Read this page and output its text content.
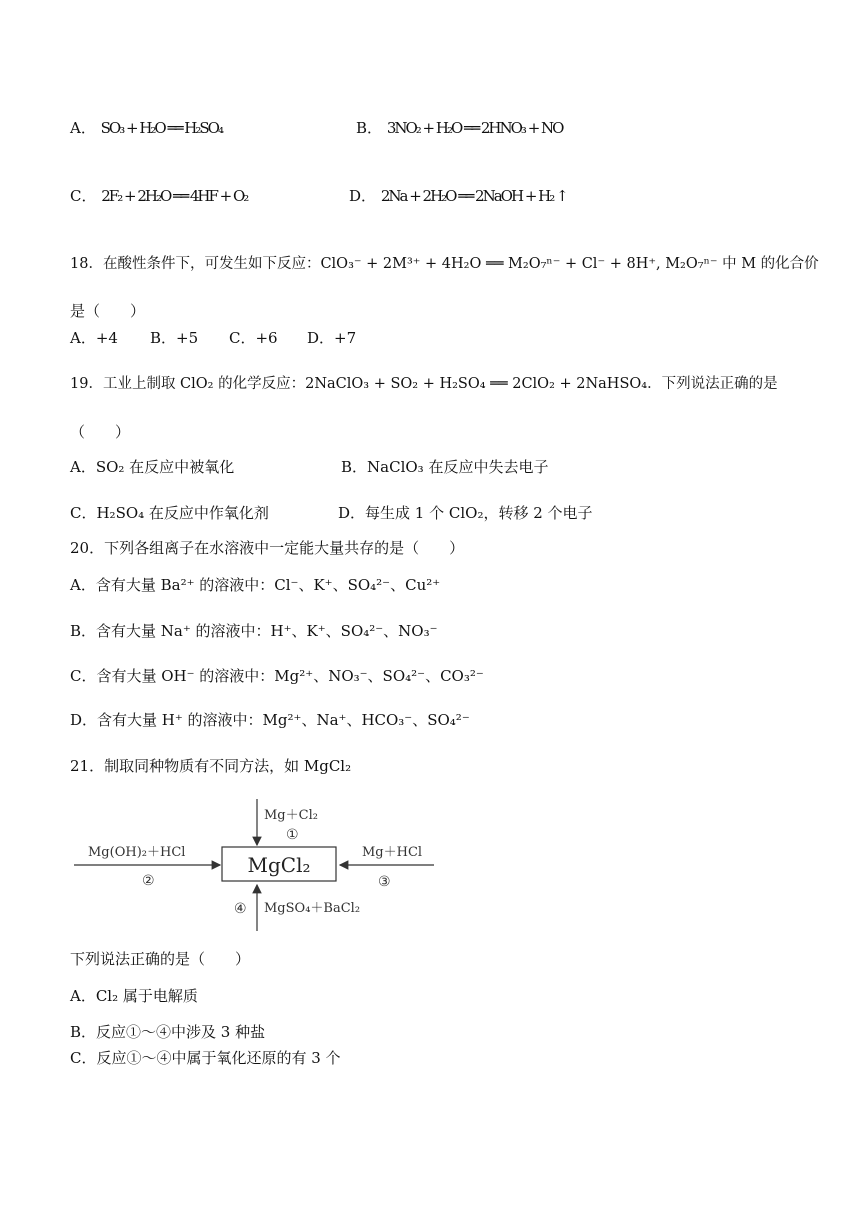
A． SO₃ + H₂O ══ H₂SO₄	B． 3NO₂ + H₂O ══ 2HNO₃ + NO
C． 2F₂ + 2H₂O ══ 4HF + O₂	D． 2Na + 2H₂O ══ 2NaOH + H₂ ↑
18．在酸性条件下，可发生如下反应：ClO₃⁻ + 2M³⁺ + 4H₂O ══ M₂O₇ⁿ⁻ + Cl⁻ + 8H⁺, M₂O₇ⁿ⁻ 中 M 的化合价
是（　　）
A．+4 B．+5 C．+6 D．+7
19．工业上制取 ClO₂ 的化学反应：2NaClO₃ + SO₂ + H₂SO₄ ══ 2ClO₂ + 2NaHSO₄．下列说法正确的是
（　　）
A．SO₂ 在反应中被氧化	B．NaClO₃ 在反应中失去电子
C．H₂SO₄ 在反应中作氧化剂	D．每生成 1 个 ClO₂，转移 2 个电子
20．下列各组离子在水溶液中一定能大量共存的是（　　）
A．含有大量 Ba²⁺ 的溶液中：Cl⁻、K⁺、SO₄²⁻、Cu²⁺
B．含有大量 Na⁺ 的溶液中：H⁺、K⁺、SO₄²⁻、NO₃⁻
C．含有大量 OH⁻ 的溶液中：Mg²⁺、NO₃⁻、SO₄²⁻、CO₃²⁻
D．含有大量 H⁺ 的溶液中：Mg²⁺、Na⁺、HCO₃⁻、SO₄²⁻
21．制取同种物质有不同方法，如 MgCl₂
MgCl₂
Mg＋Cl₂
①
Mg(OH)₂＋HCl
②
Mg＋HCl
③
④ MgSO₄＋BaCl₂
下列说法正确的是（　　）
A．Cl₂ 属于电解质
B．反应①～④中涉及 3 种盐
C．反应①～④中属于氧化还原的有 3 个
